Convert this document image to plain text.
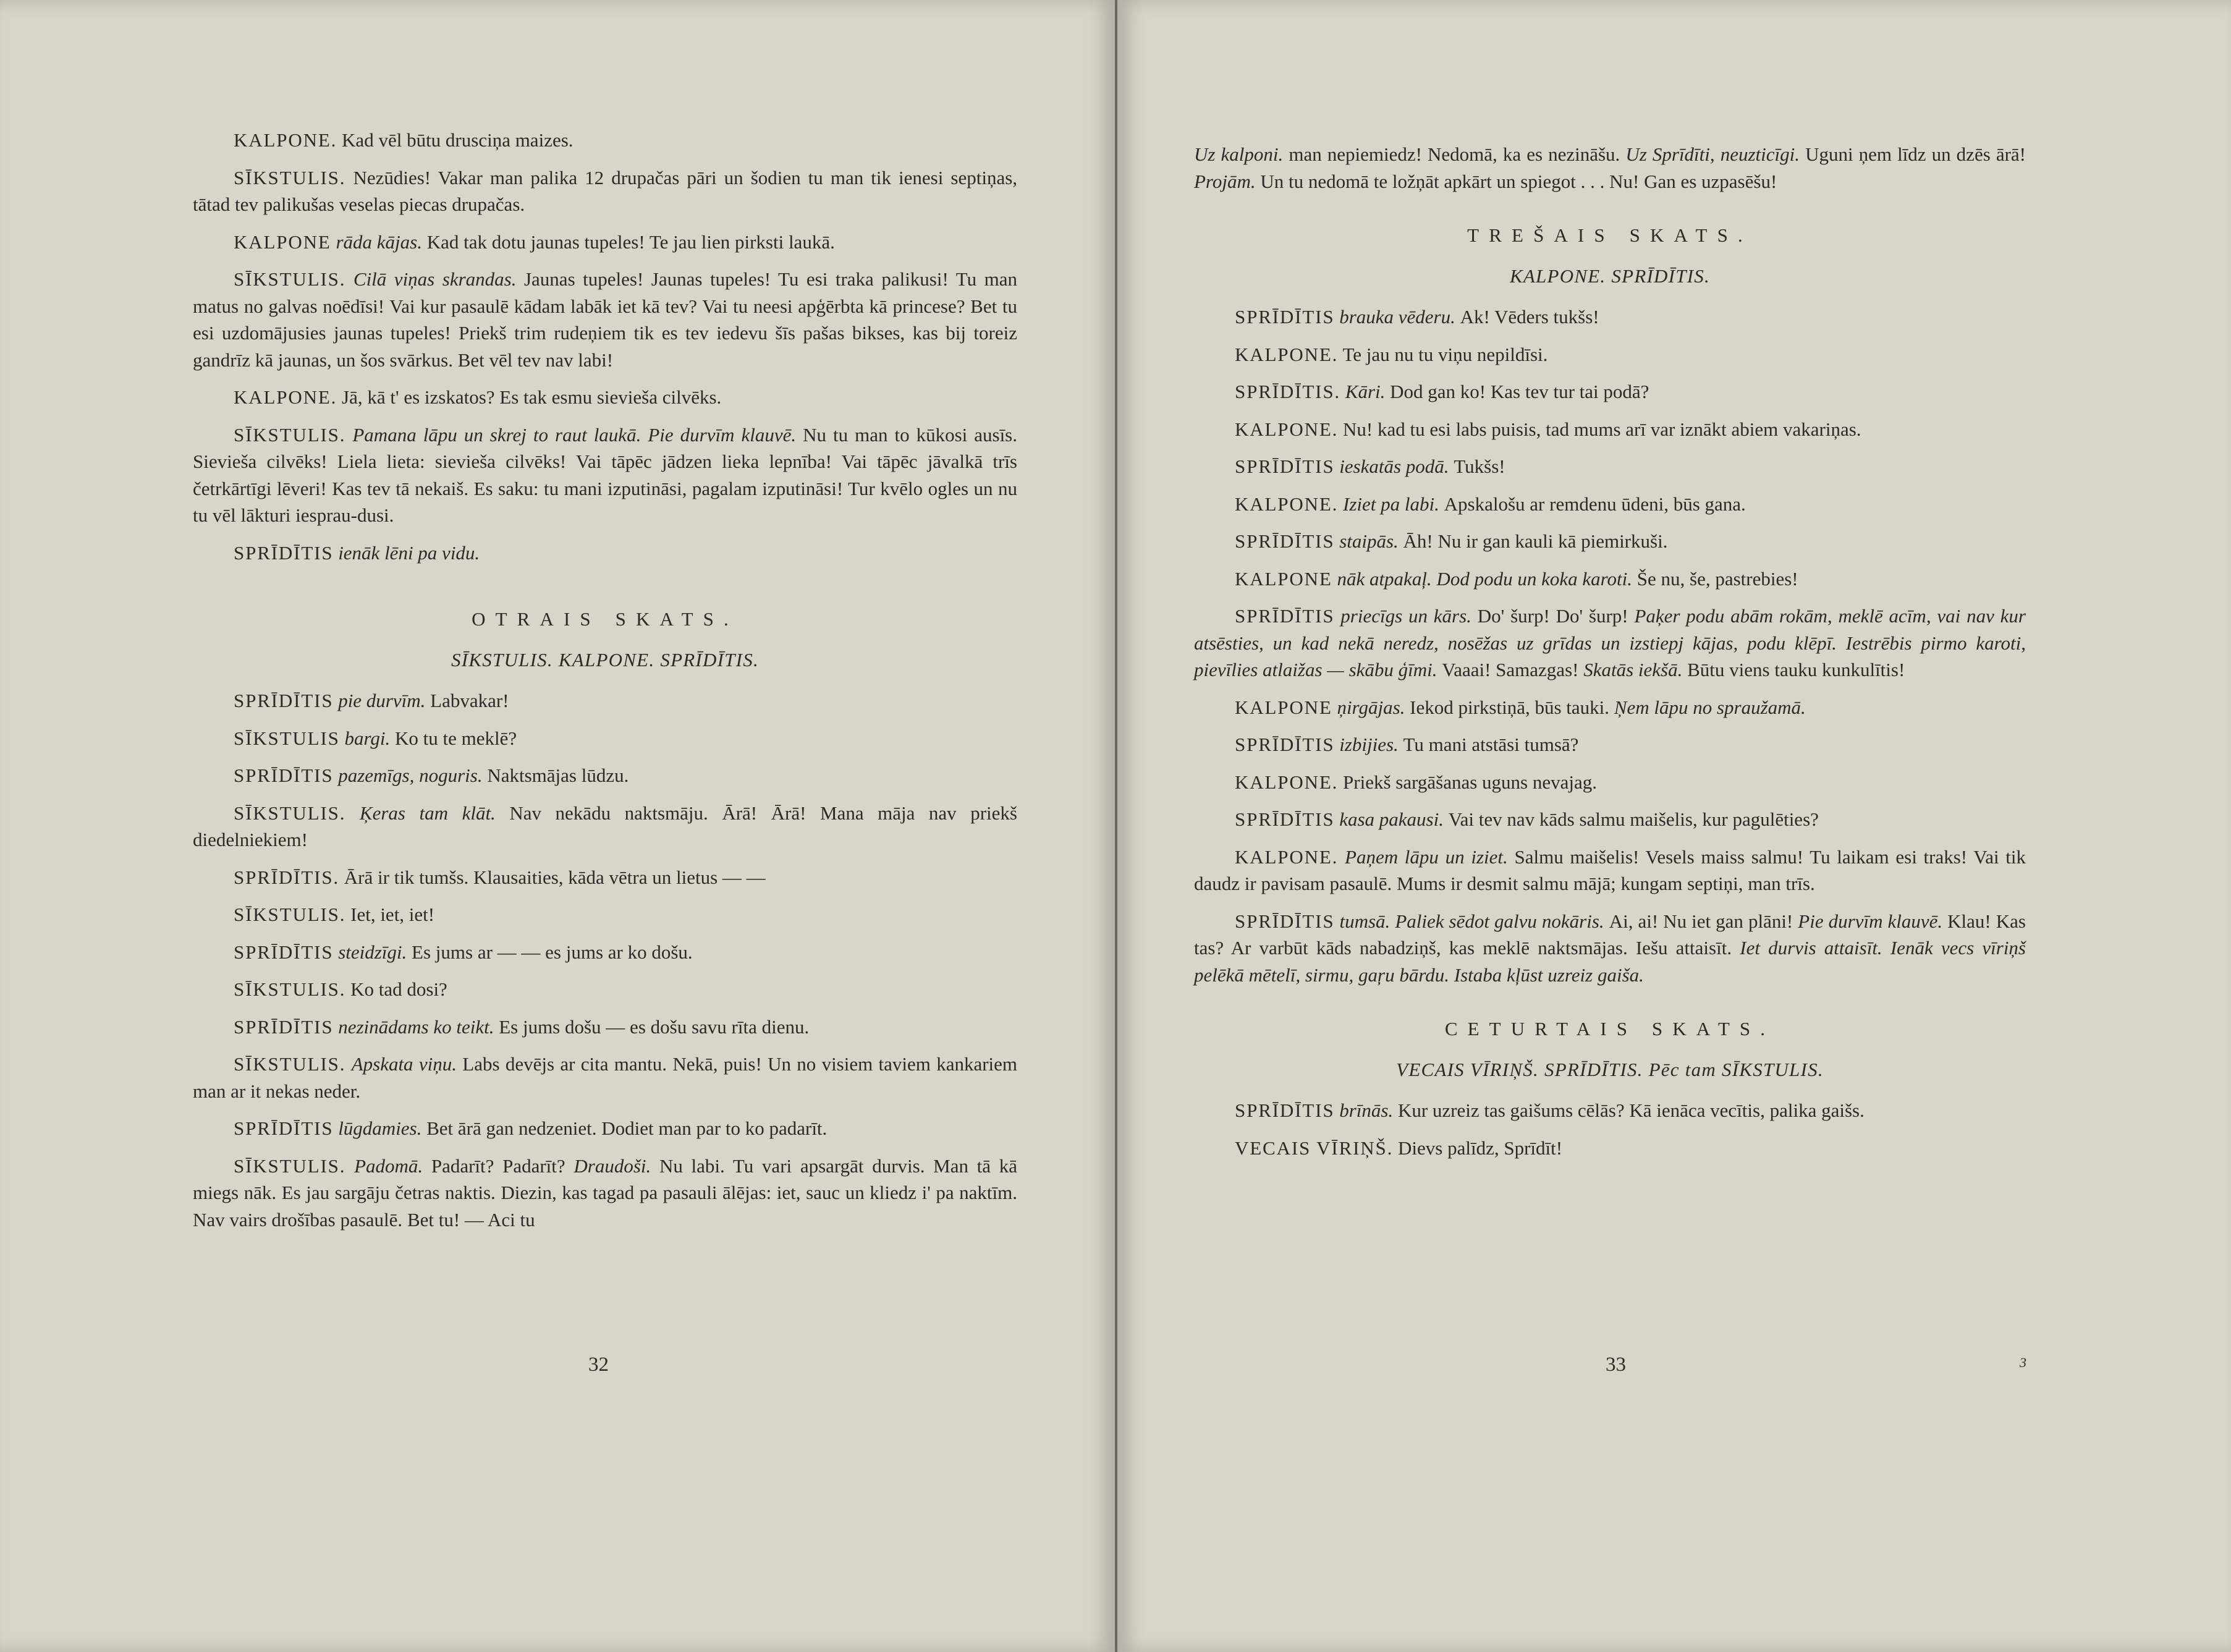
KALPONE. Kad vēl būtu drusciņa maizes.

SĪKSTULIS. Nezūdies! Vakar man palika 12 drupačas pāri un šodien tu man tik ienesi septiņas, tātad tev palikušas veselas piecas drupačas.

KALPONE rāda kājas. Kad tak dotu jaunas tupeles! Te jau lien pirksti laukā.

SĪKSTULIS. Cilā viņas skrandas. Jaunas tupeles! Jaunas tupeles! Tu esi traka palikusi! Tu man matus no galvas noēdīsi! Vai kur pasaulē kādam labāk iet kā tev? Vai tu neesi apģērbta kā princese? Bet tu esi uzdomājusies jaunas tupeles! Priekš trim rudeņiem tik es tev iedevu šīs pašas bikses, kas bij toreiz gandrīz kā jaunas, un šos svārkus. Bet vēl tev nav labi!

KALPONE. Jā, kā t' es izskatos? Es tak esmu sievieša cilvēks.

SĪKSTULIS. Pamana lāpu un skrej to raut laukā. Pie durvīm klauvē. Nu tu man to kūkosi ausīs. Sievieša cilvēks! Liela lieta: sievieša cilvēks! Vai tāpēc jādzen lieka lepnība! Vai tāpēc jāvalkā trīs četrkārtīgi lēveri! Kas tev tā nekaiš. Es saku: tu mani izputināsi, pagalam izputināsi! Tur kvēlo ogles un nu tu vēl lākturi iesprau-dusi.

SPRĪDĪTIS ienāk lēni pa vidu.

OTRAIS SKATS.
SĪKSTULIS. KALPONE. SPRĪDĪTIS.

SPRĪDĪTIS pie durvīm. Labvakar!

SĪKSTULIS bargi. Ko tu te meklē?

SPRĪDĪTIS pazemīgs, noguris. Naktsmājas lūdzu.

SĪKSTULIS. Ķeras tam klāt. Nav nekādu naktsmāju. Ārā! Ārā! Mana māja nav priekš diedelniekiem!

SPRĪDĪTIS. Ārā ir tik tumšs. Klausaities, kāda vētra un lietus — —

SĪKSTULIS. Iet, iet, iet!

SPRĪDĪTIS steidzīgi. Es jums ar — — es jums ar ko došu.

SĪKSTULIS. Ko tad dosi?

SPRĪDĪTIS nezinādams ko teikt. Es jums došu — es došu savu rīta dienu.

SĪKSTULIS. Apskata viņu. Labs devējs ar cita mantu. Nekā, puis! Un no visiem taviem kankariem man ar it nekas neder.

SPRĪDĪTIS lūgdamies. Bet ārā gan nedzeniet. Dodiet man par to ko padarīt.

SĪKSTULIS. Padomā. Padarīt? Padarīt? Draudoši. Nu labi. Tu vari apsargāt durvis. Man tā kā miegs nāk. Es jau sargāju četras naktis. Diezin, kas tagad pa pasauli ālējas: iet, sauc un kliedz i' pa naktīm. Nav vairs drošības pasaulē. Bet tu! — Aci tu

32

Uz kalponi. man nepiemiedz! Nedomā, ka es nezināšu. Uz Sprīdīti, neuzticīgi. Uguni ņem līdz un dzēs ārā! Projām. Un tu nedomā te ložņāt apkārt un spiegot . . . Nu! Gan es uzpasēšu!

TREŠAIS SKATS.
KALPONE. SPRĪDĪTIS.

SPRĪDĪTIS brauka vēderu. Ak! Vēders tukšs!

KALPONE. Te jau nu tu viņu nepildīsi.

SPRĪDĪTIS. Kāri. Dod gan ko! Kas tev tur tai podā?

KALPONE. Nu! kad tu esi labs puisis, tad mums arī var iznākt abiem vakariņas.

SPRĪDĪTIS ieskatās podā. Tukšs!

KALPONE. Iziet pa labi. Apskalošu ar remdenu ūdeni, būs gana.

SPRĪDĪTIS staipās. Āh! Nu ir gan kauli kā piemirkuši.

KALPONE nāk atpakaļ. Dod podu un koka karoti. Še nu, še, pastrebies!

SPRĪDĪTIS priecīgs un kārs. Do' šurp! Do' šurp! Paķer podu abām rokām, meklē acīm, vai nav kur atsēsties, un kad nekā neredz, nosēžas uz grīdas un izstiepj kājas, podu klēpī. Iestrēbis pirmo karoti, pievīlies atlaižas — skābu ģīmi. Vaaai! Samazgas! Skatās iekšā. Būtu viens tauku kunkulītis!

KALPONE ņirgājas. Iekod pirkstiņā, būs tauki. Ņem lāpu no spraužamā.

SPRĪDĪTIS izbijies. Tu mani atstāsi tumsā?

KALPONE. Priekš sargāšanas uguns nevajag.

SPRĪDĪTIS kasa pakausi. Vai tev nav kāds salmu maišelis, kur pagulēties?

KALPONE. Paņem lāpu un iziet. Salmu maišelis! Vesels maiss salmu! Tu laikam esi traks! Vai tik daudz ir pavisam pasaulē. Mums ir desmit salmu mājā; kungam septiņi, man trīs.

SPRĪDĪTIS tumsā. Paliek sēdot galvu nokāris. Ai, ai! Nu iet gan plāni! Pie durvīm klauvē. Klau! Kas tas? Ar varbūt kāds nabadziņš, kas meklē naktsmājas. Iešu attaisīt. Iet durvis attaisīt. Ienāk vecs vīriņš pelēkā mētelī, sirmu, gaŗu bārdu. Istaba kļūst uzreiz gaiša.

CETURTAIS SKATS.
VECAIS VĪRIŅŠ. SPRĪDĪTIS. Pēc tam SĪKSTULIS.

SPRĪDĪTIS brīnās. Kur uzreiz tas gaišums cēlās? Kā ienāca vecītis, palika gaišs.

VECAIS VĪRIŅŠ. Dievs palīdz, Sprīdīt!

33	3
